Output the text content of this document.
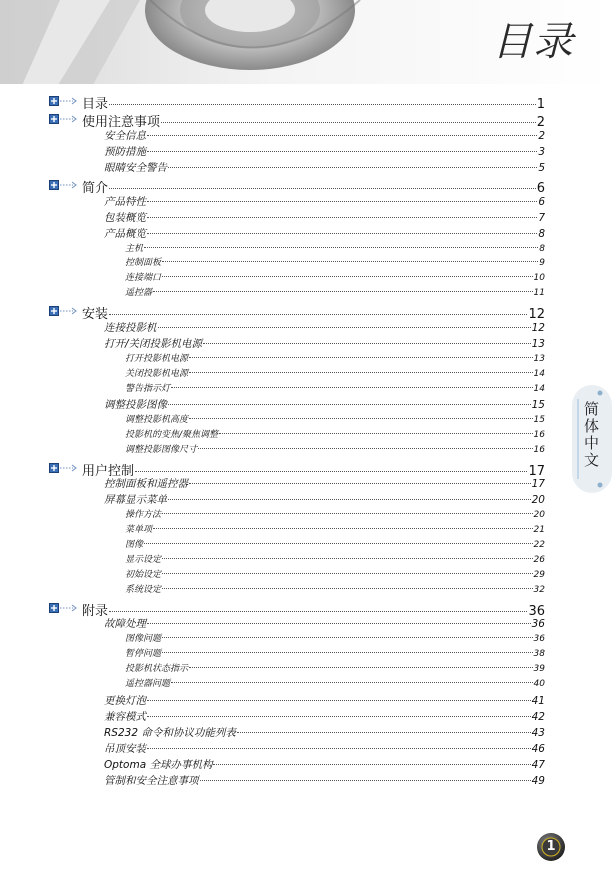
目录
目录	1
使用注意事项	2
安全信息	2
预防措施	3
眼睛安全警告	5
简介	6
产品特性	6
包装概览	7
产品概览	8
主机	8
控制面板	9
连接端口	10
遥控器	11
安装	12
连接投影机	12
打开/关闭投影机电源	13
打开投影机电源	13
关闭投影机电源	14
警告指示灯	14
调整投影图像	15
调整投影机高度	15
投影机的变焦/聚焦调整	16
调整投影图像尺寸	16
用户控制	17
控制面板和遥控器	17
屏幕显示菜单	20
操作方法	20
菜单项	21
图像	22
显示设定	26
初始设定	29
系统设定	32
附录	36
故障处理	36
图像问题	36
暂停问题	38
投影机状态指示	39
遥控器问题	40
更换灯泡	41
兼容模式	42
RS232 命令和协议功能列表	43
吊顶安装	46
Optoma 全球办事机构	47
管制和安全注意事项	49
简体中文
1
